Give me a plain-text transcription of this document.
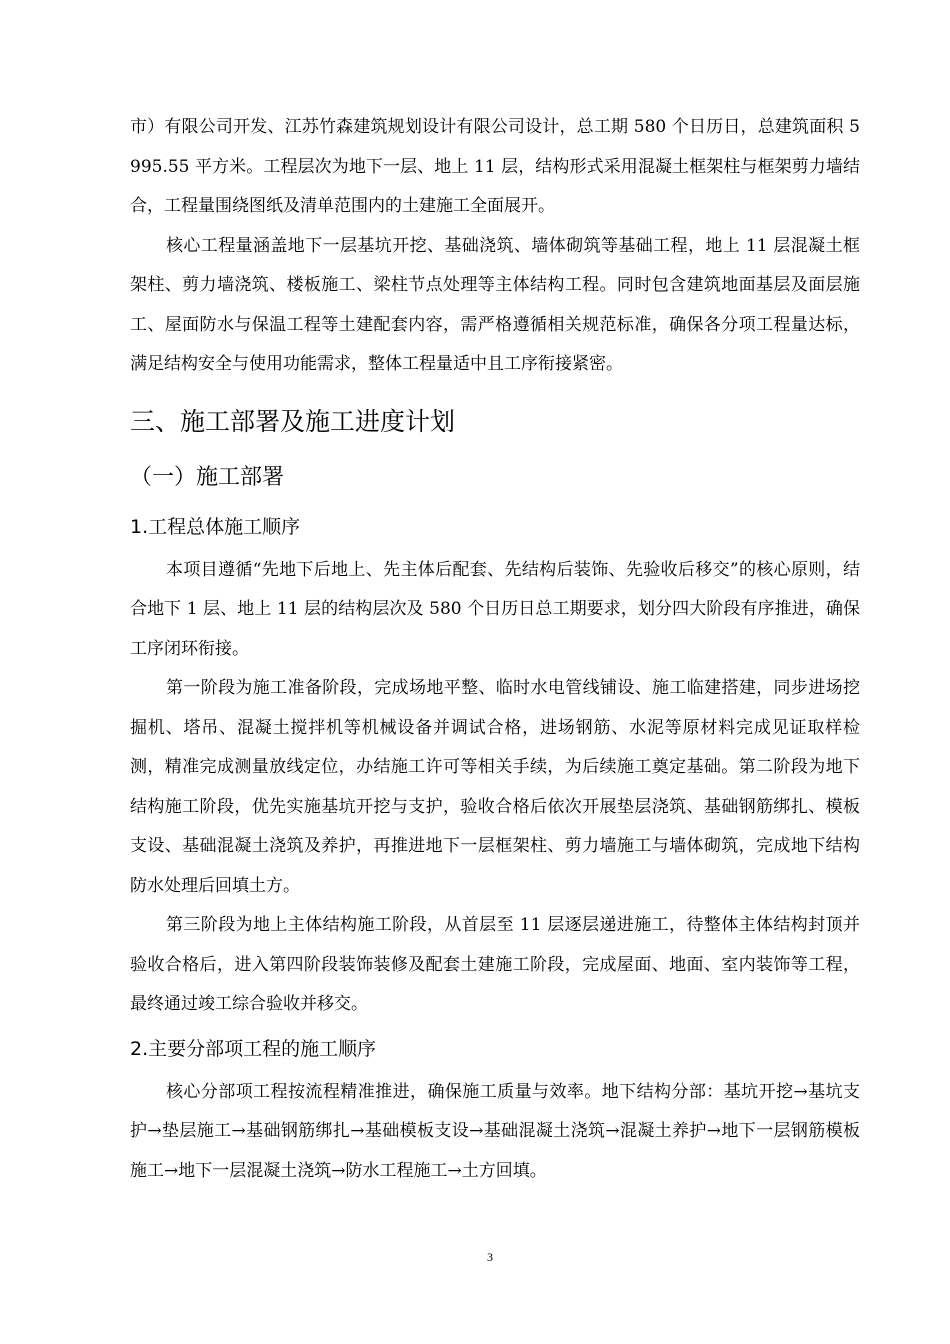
市）有限公司开发、江苏竹森建筑规划设计有限公司设计，总工期 580 个日历日，总建筑面积 5995.55 平方米。工程层次为地下一层、地上 11 层，结构形式采用混凝土框架柱与框架剪力墙结合，工程量围绕图纸及清单范围内的土建施工全面展开。

核心工程量涵盖地下一层基坑开挖、基础浇筑、墙体砌筑等基础工程，地上 11 层混凝土框架柱、剪力墙浇筑、楼板施工、梁柱节点处理等主体结构工程。同时包含建筑地面基层及面层施工、屋面防水与保温工程等土建配套内容，需严格遵循相关规范标准，确保各分项工程量达标，满足结构安全与使用功能需求，整体工程量适中且工序衔接紧密。

三、施工部署及施工进度计划
（一）施工部署
1.工程总体施工顺序

本项目遵循“先地下后地上、先主体后配套、先结构后装饰、先验收后移交”的核心原则，结合地下 1 层、地上 11 层的结构层次及 580 个日历日总工期要求，划分四大阶段有序推进，确保工序闭环衔接。

第一阶段为施工准备阶段，完成场地平整、临时水电管线铺设、施工临建搭建，同步进场挖掘机、塔吊、混凝土搅拌机等机械设备并调试合格，进场钢筋、水泥等原材料完成见证取样检测，精准完成测量放线定位，办结施工许可等相关手续，为后续施工奠定基础。第二阶段为地下结构施工阶段，优先实施基坑开挖与支护，验收合格后依次开展垫层浇筑、基础钢筋绑扎、模板支设、基础混凝土浇筑及养护，再推进地下一层框架柱、剪力墙施工与墙体砌筑，完成地下结构防水处理后回填土方。

第三阶段为地上主体结构施工阶段，从首层至 11 层逐层递进施工，待整体主体结构封顶并验收合格后，进入第四阶段装饰装修及配套土建施工阶段，完成屋面、地面、室内装饰等工程，最终通过竣工综合验收并移交。

2.主要分部项工程的施工顺序

核心分部项工程按流程精准推进，确保施工质量与效率。地下结构分部：基坑开挖→基坑支护→垫层施工→基础钢筋绑扎→基础模板支设→基础混凝土浇筑→混凝土养护→地下一层钢筋模板施工→地下一层混凝土浇筑→防水工程施工→土方回填。

3
